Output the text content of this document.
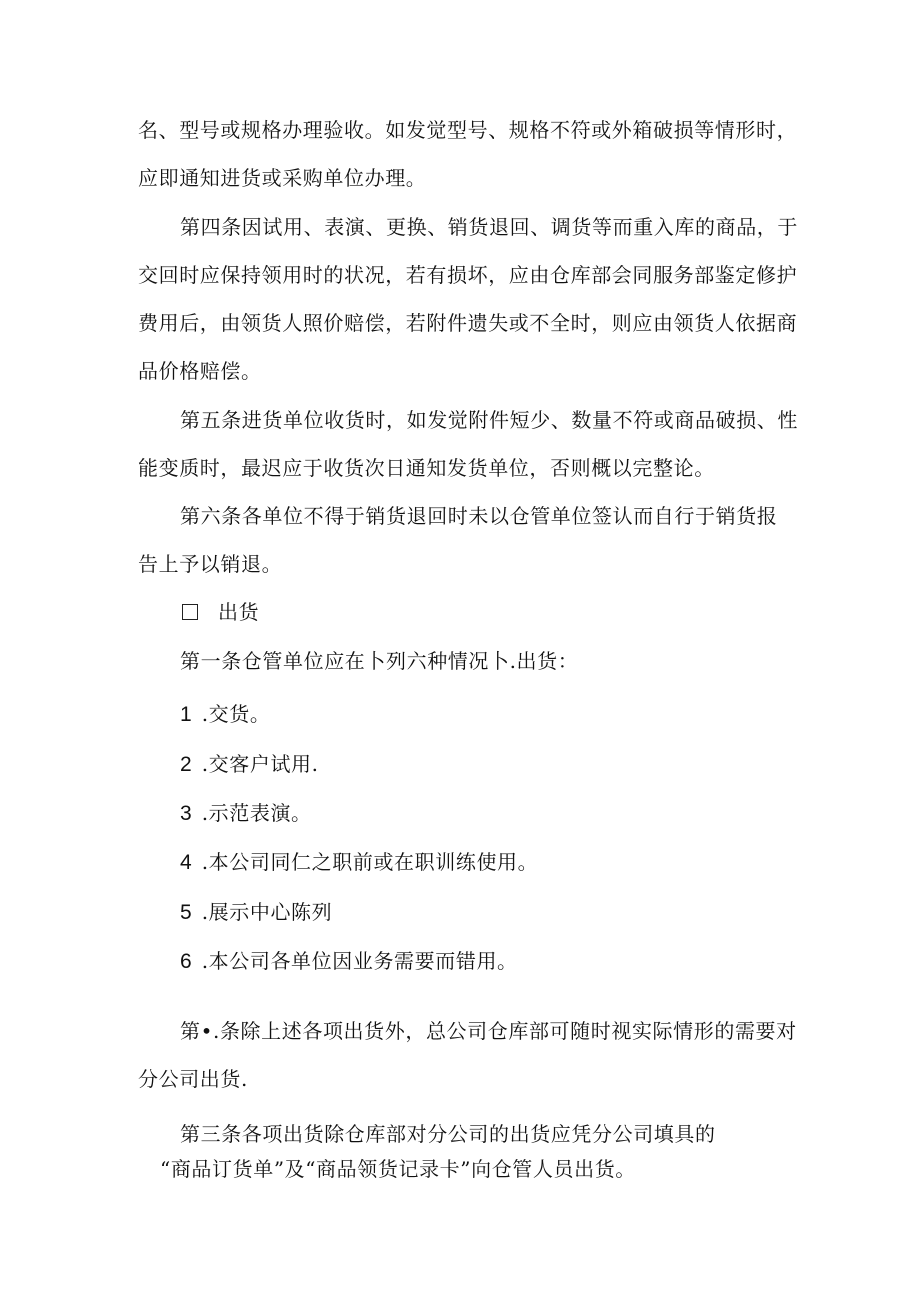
名、型号或规格办理验收。如发觉型号、规格不符或外箱破损等情形时，
应即通知进货或采购单位办理。
第四条因试用、表演、更换、销货退回、调货等而重入库的商品，于
交回时应保持领用时的状况，若有损坏，应由仓库部会同服务部鉴定修护
费用后，由领货人照价赔偿，若附件遗失或不全时，则应由领货人依据商
品价格赔偿。
第五条进货单位收货时，如发觉附件短少、数量不符或商品破损、性
能变质时，最迟应于收货次日通知发货单位，否则概以完整论。
第六条各单位不得于销货退回时未以仓管单位签认而自行于销货报
告上予以销退。
出货
第一条仓管单位应在卜列六种情况卜.出货：
1 .交货。
2 .交客户试用.
3 .示范表演。
4 .本公司同仁之职前或在职训练使用。
5 .展示中心陈列
6 .本公司各单位因业务需要而错用。
第•.条除上述各项出货外，总公司仓库部可随时视实际情形的需要对
分公司出货.
第三条各项出货除仓库部对分公司的出货应凭分公司填具的
“商品订货单”及“商品领货记录卡”向仓管人员出货。
